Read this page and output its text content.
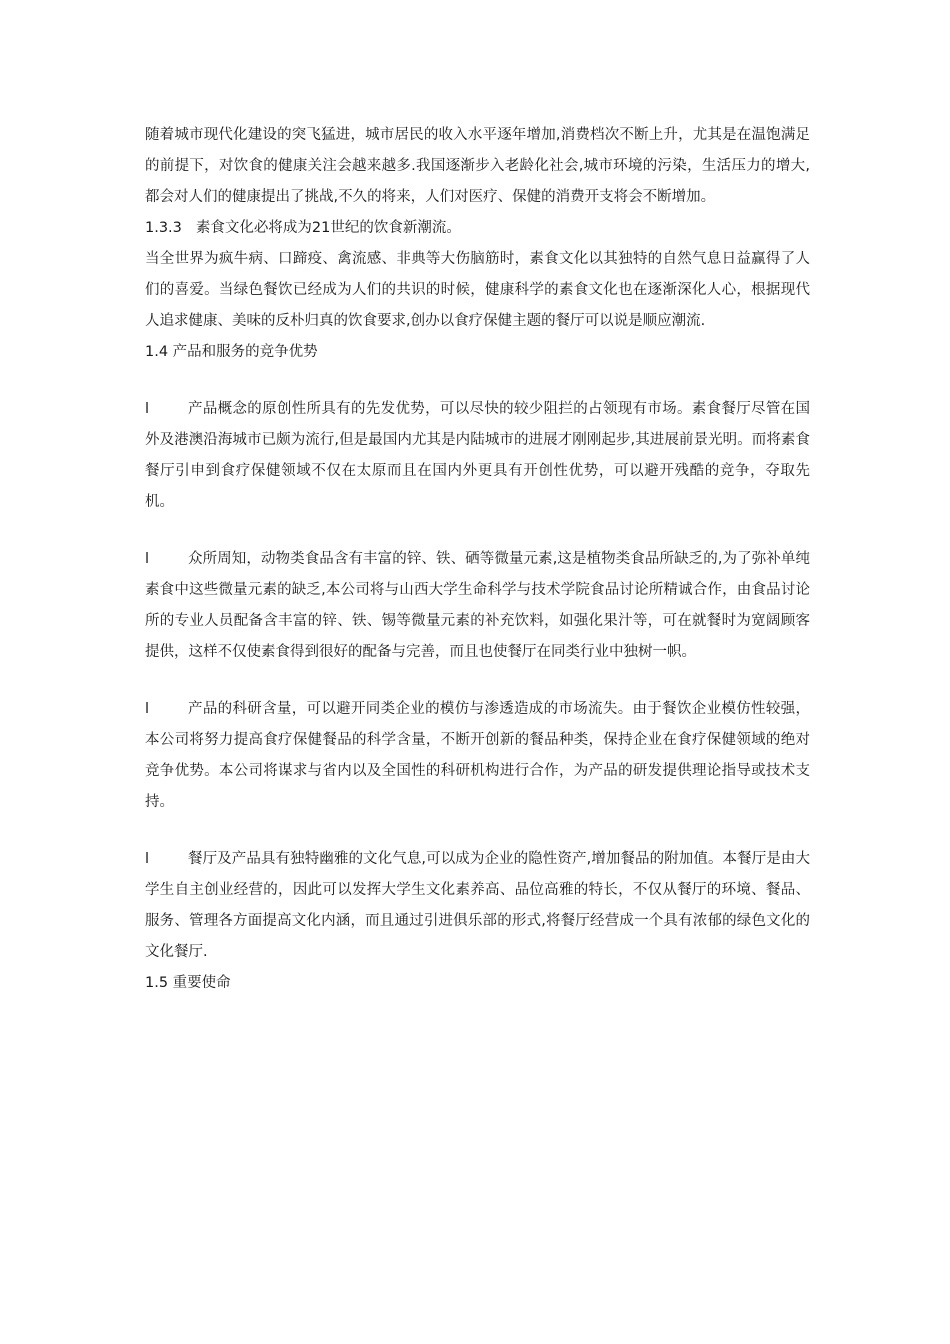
随着城市现代化建设的突飞猛进，城市居民的收入水平逐年增加,消费档次不断上升，尤其是在温饱满足的前提下，对饮食的健康关注会越来越多.我国逐渐步入老龄化社会,城市环境的污染，生活压力的增大,都会对人们的健康提出了挑战,不久的将来，人们对医疗、保健的消费开支将会不断增加。

1.3.3 素食文化必将成为21世纪的饮食新潮流。

当全世界为疯牛病、口蹄疫、禽流感、非典等大伤脑筋时，素食文化以其独特的自然气息日益赢得了人们的喜爱。当绿色餐饮已经成为人们的共识的时候，健康科学的素食文化也在逐渐深化人心，根据现代人追求健康、美味的反朴归真的饮食要求,创办以食疗保健主题的餐厅可以说是顺应潮流.

1.4 产品和服务的竞争优势

l	产品概念的原创性所具有的先发优势，可以尽快的较少阻拦的占领现有市场。素食餐厅尽管在国外及港澳沿海城市已颇为流行,但是最国内尤其是内陆城市的进展才刚刚起步,其进展前景光明。而将素食餐厅引申到食疗保健领域不仅在太原而且在国内外更具有开创性优势，可以避开残酷的竞争，夺取先机。

l	众所周知，动物类食品含有丰富的锌、铁、硒等微量元素,这是植物类食品所缺乏的,为了弥补单纯素食中这些微量元素的缺乏,本公司将与山西大学生命科学与技术学院食品讨论所精诚合作，由食品讨论所的专业人员配备含丰富的锌、铁、锡等微量元素的补充饮料，如强化果汁等，可在就餐时为宽阔顾客提供，这样不仅使素食得到很好的配备与完善，而且也使餐厅在同类行业中独树一帜。

l	产品的科研含量，可以避开同类企业的模仿与渗透造成的市场流失。由于餐饮企业模仿性较强，本公司将努力提高食疗保健餐品的科学含量，不断开创新的餐品种类，保持企业在食疗保健领域的绝对竞争优势。本公司将谋求与省内以及全国性的科研机构进行合作，为产品的研发提供理论指导或技术支持。

l	餐厅及产品具有独特幽雅的文化气息,可以成为企业的隐性资产,增加餐品的附加值。本餐厅是由大学生自主创业经营的，因此可以发挥大学生文化素养高、品位高雅的特长，不仅从餐厅的环境、餐品、服务、管理各方面提高文化内涵，而且通过引进俱乐部的形式,将餐厅经营成一个具有浓郁的绿色文化的文化餐厅.

1.5 重要使命
